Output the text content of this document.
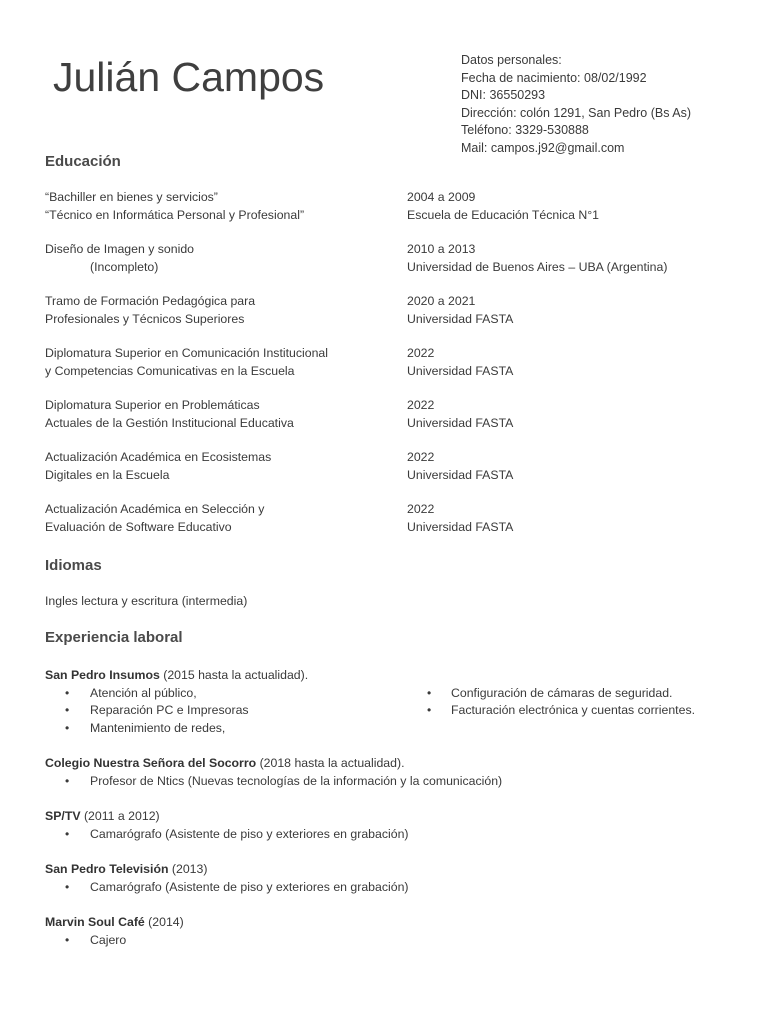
Julián Campos	Datos personales:
Fecha de nacimiento: 08/02/1992
DNI: 36550293
Dirección: colón 1291, San Pedro (Bs As)
Teléfono: 3329-530888
Mail: campos.j92@gmail.com
Educación
“Bachiller en bienes y servicios”
“Técnico en Informática Personal y Profesional”
2004 a 2009
Escuela de Educación Técnica N°1
Diseño de Imagen y sonido
(Incompleto)
2010 a 2013
Universidad de Buenos Aires – UBA (Argentina)
Tramo de Formación Pedagógica para
Profesionales y Técnicos Superiores
2020 a 2021
Universidad FASTA
Diplomatura Superior en Comunicación Institucional
y Competencias Comunicativas en la Escuela
2022
Universidad FASTA
Diplomatura Superior en Problemáticas
Actuales de la Gestión Institucional Educativa
2022
Universidad FASTA
Actualización Académica en Ecosistemas
Digitales en la Escuela
2022
Universidad FASTA
Actualización Académica en Selección y
Evaluación de Software Educativo
2022
Universidad FASTA
Idiomas
Ingles lectura y escritura (intermedia)
Experiencia laboral
San Pedro Insumos (2015 hasta la actualidad).
• Atención al público,
• Reparación PC e Impresoras
• Mantenimiento de redes,
• Configuración de cámaras de seguridad.
• Facturación electrónica y cuentas corrientes.
Colegio Nuestra Señora del Socorro (2018 hasta la actualidad).
• Profesor de Ntics (Nuevas tecnologías de la información y la comunicación)
SP/TV (2011 a 2012)
• Camarógrafo (Asistente de piso y exteriores en grabación)
San Pedro Televisión (2013)
• Camarógrafo (Asistente de piso y exteriores en grabación)
Marvin Soul Café (2014)
• Cajero
